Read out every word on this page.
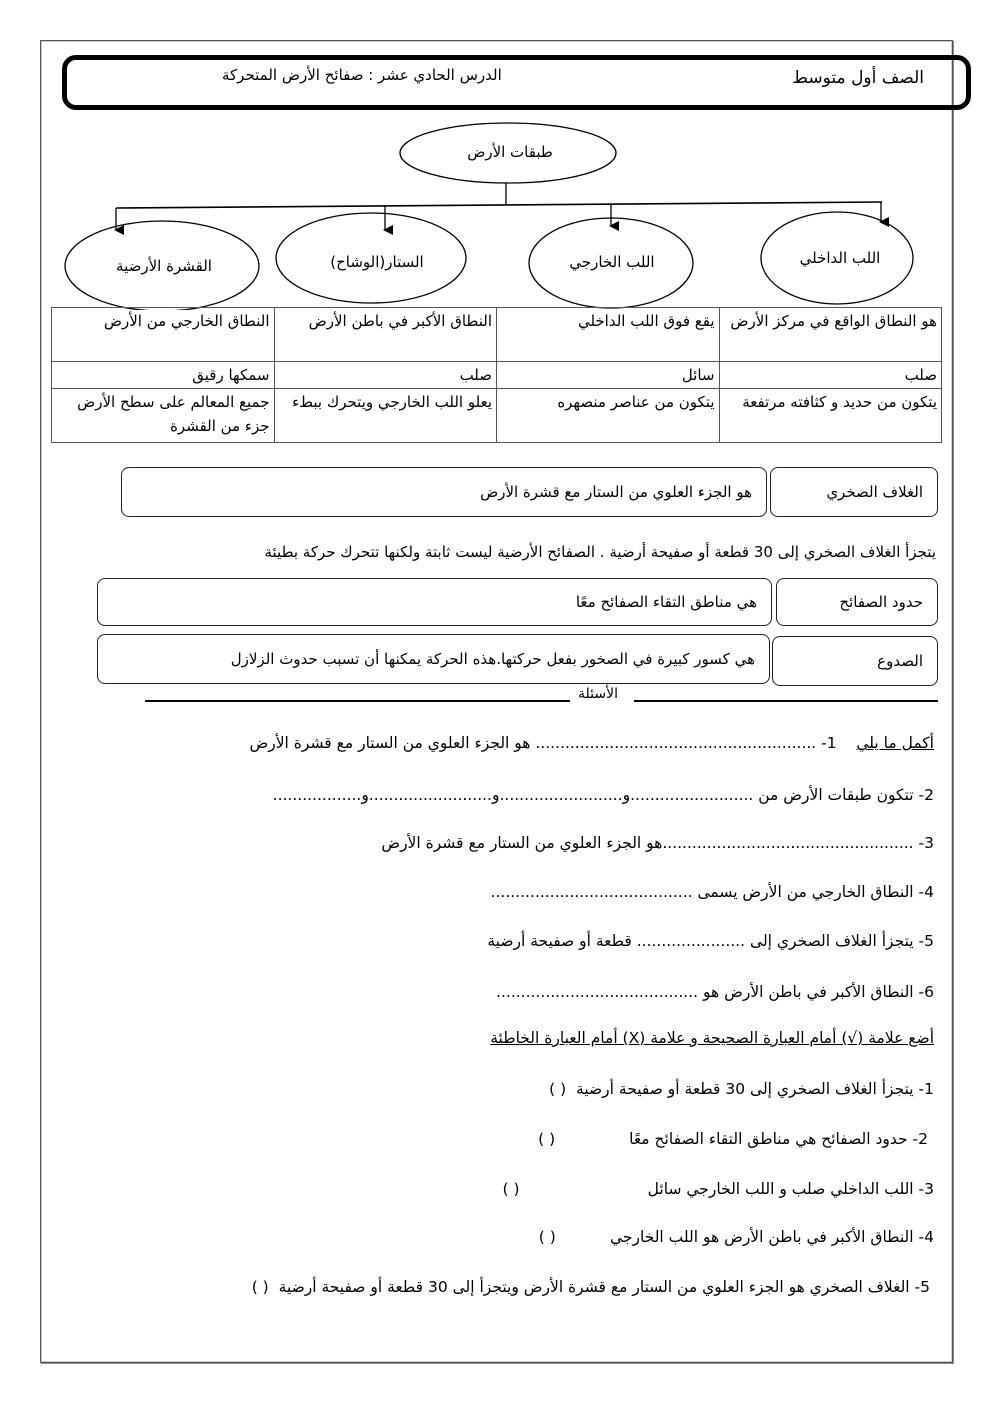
الصف أول متوسط
الدرس الحادي عشر : صفائح الأرض المتحركة
طبقات الأرض
اللب الداخلي
اللب الخارجي
الستار(الوشاح)
القشرة الأرضية
هو النطاق الواقع في مركز الأرض	يقع فوق اللب الداخلي	النطاق الأكبر في باطن الأرض	النطاق الخارجي من الأرض
صلب	سائل	صلب	سمكها رقيق
يتكون من حديد و كثافته مرتفعة	يتكون من عناصر منصهره	يعلو اللب الخارجي ويتحرك ببطء	جميع المعالم على سطح الأرض جزء من القشرة
الغلاف الصخري
هو الجزء العلوي من الستار مع قشرة الأرض
يتجزأ الغلاف الصخري إلى 30 قطعة أو صفيحة أرضية . الصفائح الأرضية ليست ثابتة ولكنها تتحرك حركة بطيئة
حدود الصفائح
هي مناطق التقاء الصفائح معًا
الصدوع
هي كسور كبيرة في الصخور بفعل حركتها.هذه الحركة يمكنها أن تسبب حدوث الزلازل
الأسئلة
أكمل ما يلي    1- ......................................................... هو الجزء العلوي من الستار مع قشرة الأرض
2- تتكون طبقات الأرض من .........................و.........................و.........................و..................
3- ...................................................هو الجزء العلوي من الستار مع قشرة الأرض
4- النطاق الخارجي من الأرض يسمى .........................................
5- يتجزأ الغلاف الصخري إلى ...................... قطعة أو صفيحة أرضية
6- النطاق الأكبر في باطن الأرض هو .........................................
أضع علامة (√) أمام العبارة الصحيحة و علامة (X) أمام العبارة الخاطئة
1- يتجزأ الغلاف الصخري إلى 30 قطعة أو صفيحة أرضية  ( )
2- حدود الصفائح هي مناطق التقاء الصفائح معًا               ( )
3- اللب الداخلي صلب و اللب الخارجي سائل                          ( )
4- النطاق الأكبر في باطن الأرض هو اللب الخارجي           ( )
5- الغلاف الصخري هو الجزء العلوي من الستار مع قشرة الأرض ويتجزأ إلى 30 قطعة أو صفيحة أرضية  ( )
